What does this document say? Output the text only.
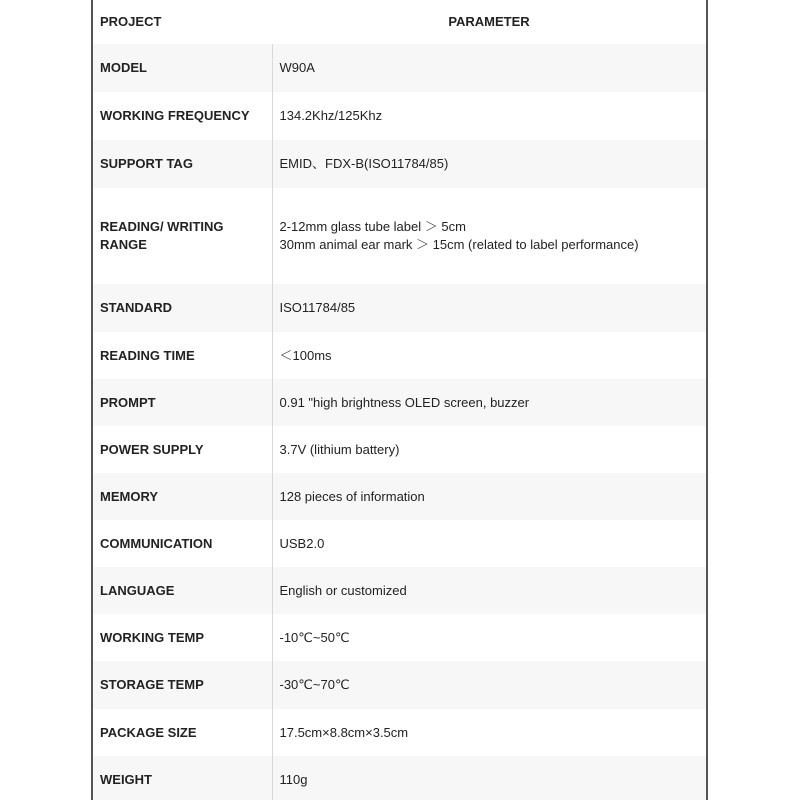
PROJECT	PARAMETER
MODEL	W90A

WORKING FREQUENCY	134.2Khz/125Khz

SUPPORT TAG	EMID、FDX-B(ISO11784/85)

READING/ WRITING RANGE	2-12mm glass tube label ＞ 5cm
30mm animal ear mark ＞ 15cm (related to label performance)

STANDARD	ISO11784/85

READING TIME	＜100ms

PROMPT	0.91 "high brightness OLED screen, buzzer

POWER SUPPLY	3.7V (lithium battery)

MEMORY	128 pieces of information

COMMUNICATION	USB2.0

LANGUAGE	English or customized

WORKING TEMP	-10℃~50℃

STORAGE TEMP	-30℃~70℃

PACKAGE SIZE	17.5cm×8.8cm×3.5cm

WEIGHT	110g
